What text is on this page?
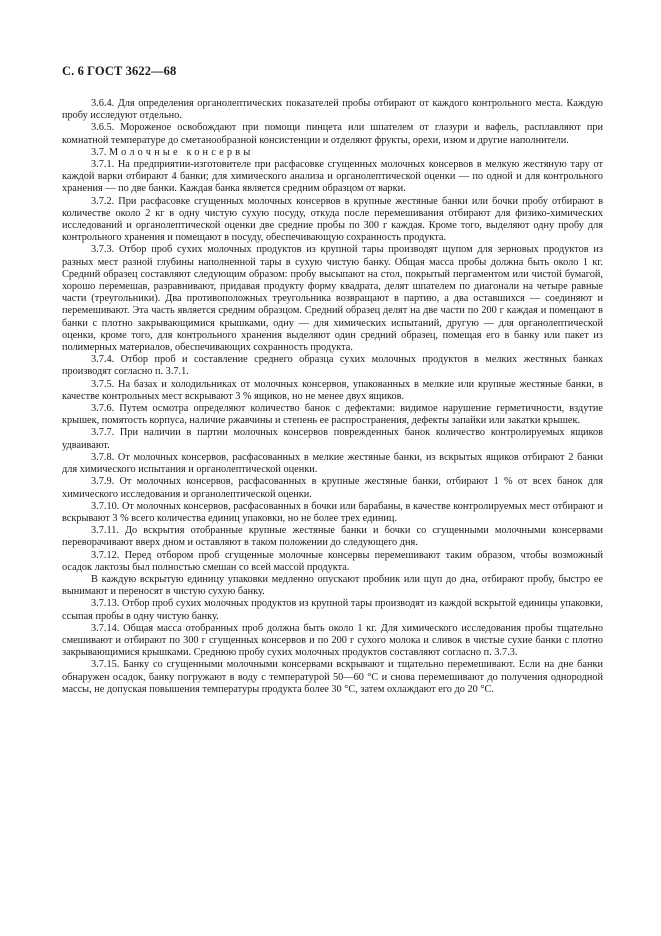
С. 6 ГОСТ 3622—68

3.6.4. Для определения органолептических показателей пробы отбирают от каждого контрольного места. Каждую пробу исследуют отдельно.

3.6.5. Мороженое освобождают при помощи пинцета или шпателем от глазури и вафель, расплавляют при комнатной температуре до сметанообразной консистенции и отделяют фрукты, орехи, изюм и другие наполнители.

3.7. Молочные консервы

3.7.1. На предприятии-изготовителе при расфасовке сгущенных молочных консервов в мелкую жестяную тару от каждой варки отбирают 4 банки; для химического анализа и органолептической оценки — по одной и для контрольного хранения — по две банки. Каждая банка является средним образцом от варки.

3.7.2. При расфасовке сгущенных молочных консервов в крупные жестяные банки или бочки пробу отбирают в количестве около 2 кг в одну чистую сухую посуду, откуда после перемешивания отбирают для физико-химических исследований и органолептической оценки две средние пробы по 300 г каждая. Кроме того, выделяют одну пробу для контрольного хранения и помещают в посуду, обеспечивающую сохранность продукта.

3.7.3. Отбор проб сухих молочных продуктов из крупной тары производят щупом для зерновых продуктов из разных мест разной глубины наполненной тары в сухую чистую банку. Общая масса пробы должна быть около 1 кг. Средний образец составляют следующим образом: пробу высыпают на стол, покрытый пергаментом или чистой бумагой, хорошо перемешав, разравнивают, придавая продукту форму квадрата, делят шпателем по диагонали на четыре равные части (треугольники). Два противоположных треугольника возвращают в партию, а два оставшихся — соединяют и перемешивают. Эта часть является средним образцом. Средний образец делят на две части по 200 г каждая и помещают в банки с плотно закрывающимися крышками, одну — для химических испытаний, другую — для органолептической оценки, кроме того, для контрольного хранения выделяют один средний образец, помещая его в банку или пакет из полимерных материалов, обеспечивающих сохранность продукта.

3.7.4. Отбор проб и составление среднего образца сухих молочных продуктов в мелких жестяных банках производят согласно п. 3.7.1.

3.7.5. На базах и холодильниках от молочных консервов, упакованных в мелкие или крупные жестяные банки, в качестве контрольных мест вскрывают 3 % ящиков, но не менее двух ящиков.

3.7.6. Путем осмотра определяют количество банок с дефектами: видимое нарушение герметичности, вздутие крышек, помятость корпуса, наличие ржавчины и степень ее распространения, дефекты запайки или закатки крышек.

3.7.7. При наличии в партии молочных консервов поврежденных банок количество контролируемых ящиков удваивают.

3.7.8. От молочных консервов, расфасованных в мелкие жестяные банки, из вскрытых ящиков отбирают 2 банки для химического испытания и органолептической оценки.

3.7.9. От молочных консервов, расфасованных в крупные жестяные банки, отбирают 1 % от всех банок для химического исследования и органолептической оценки.

3.7.10. От молочных консервов, расфасованных в бочки или барабаны, в качестве контролируемых мест отбирают и вскрывают 3 % всего количества единиц упаковки, но не более трех единиц.

3.7.11. До вскрытия отобранные крупные жестяные банки и бочки со сгущенными молочными консервами переворачивают вверх дном и оставляют в таком положении до следующего дня.

3.7.12. Перед отбором проб сгущенные молочные консервы перемешивают таким образом, чтобы возможный осадок лактозы был полностью смешан со всей массой продукта.

В каждую вскрытую единицу упаковки медленно опускают пробник или щуп до дна, отбирают пробу, быстро ее вынимают и переносят в чистую сухую банку.

3.7.13. Отбор проб сухих молочных продуктов из крупной тары производят из каждой вскрытой единицы упаковки, ссыпая пробы в одну чистую банку.

3.7.14. Общая масса отобранных проб должна быть около 1 кг. Для химического исследования пробы тщательно смешивают и отбирают по 300 г сгущенных консервов и по 200 г сухого молока и сливок в чистые сухие банки с плотно закрывающимися крышками. Среднюю пробу сухих молочных продуктов составляют согласно п. 3.7.3.

3.7.15. Банку со сгущенными молочными консервами вскрывают и тщательно перемешивают. Если на дне банки обнаружен осадок, банку погружают в воду с температурой 50—60 °С и снова перемешивают до получения однородной массы, не допуская повышения температуры продукта более 30 °С, затем охлаждают его до 20 °С.
